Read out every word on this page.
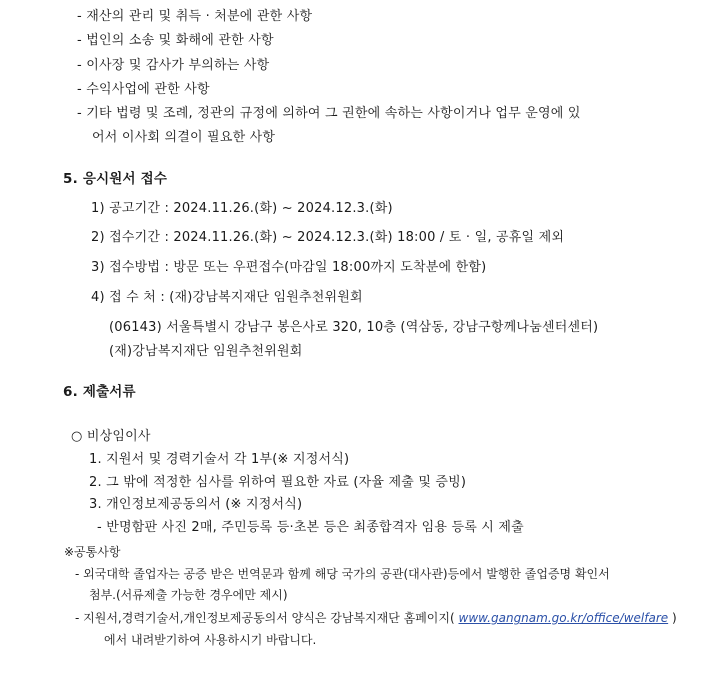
- 재산의 관리 및 취득 · 처분에 관한 사항
- 법인의 소송 및 화해에 관한 사항
- 이사장 및 감사가 부의하는 사항
- 수익사업에 관한 사항
- 기타 법령 및 조례, 정관의 규정에 의하여 그 권한에 속하는 사항이거나 업무 운영에 있
어서 이사회 의결이 필요한 사항
5. 응시원서 접수
1) 공고기간 : 2024.11.26.(화) ~ 2024.12.3.(화)
2) 접수기간 : 2024.11.26.(화) ~ 2024.12.3.(화) 18:00 / 토 · 일, 공휴일 제외
3) 접수방법 : 방문 또는 우편접수(마감일 18:00까지 도착분에 한함)
4) 접 수 처 : (재)강남복지재단 임원추천위원회
(06143) 서울특별시 강남구 봉은사로 320, 10층 (역삼동, 강남구항께나눔센터센터)
(재)강남복지재단 임원추천위원회
6. 제출서류
○ 비상임이사
1. 지원서 및 경력기술서 각 1부(※ 지정서식)
2. 그 밖에 적정한 심사를 위하여 필요한 자료 (자율 제출 및 증빙)
3. 개인정보제공동의서 (※ 지정서식)
- 반명함판 사진 2매, 주민등록 등·초본 등은 최종합격자 임용 등록 시 제출
※공통사항
- 외국대학 졸업자는 공증 받은 번역문과 함께 해당 국가의 공관(대사관)등에서 발행한 졸업증명 확인서
첨부.(서류제출 가능한 경우에만 제시)
- 지원서,경력기술서,개인정보제공동의서 양식은 강남복지재단 홈페이지( www.gangnam.go.kr/office/welfare )
에서 내려받기하여 사용하시기 바랍니다.
